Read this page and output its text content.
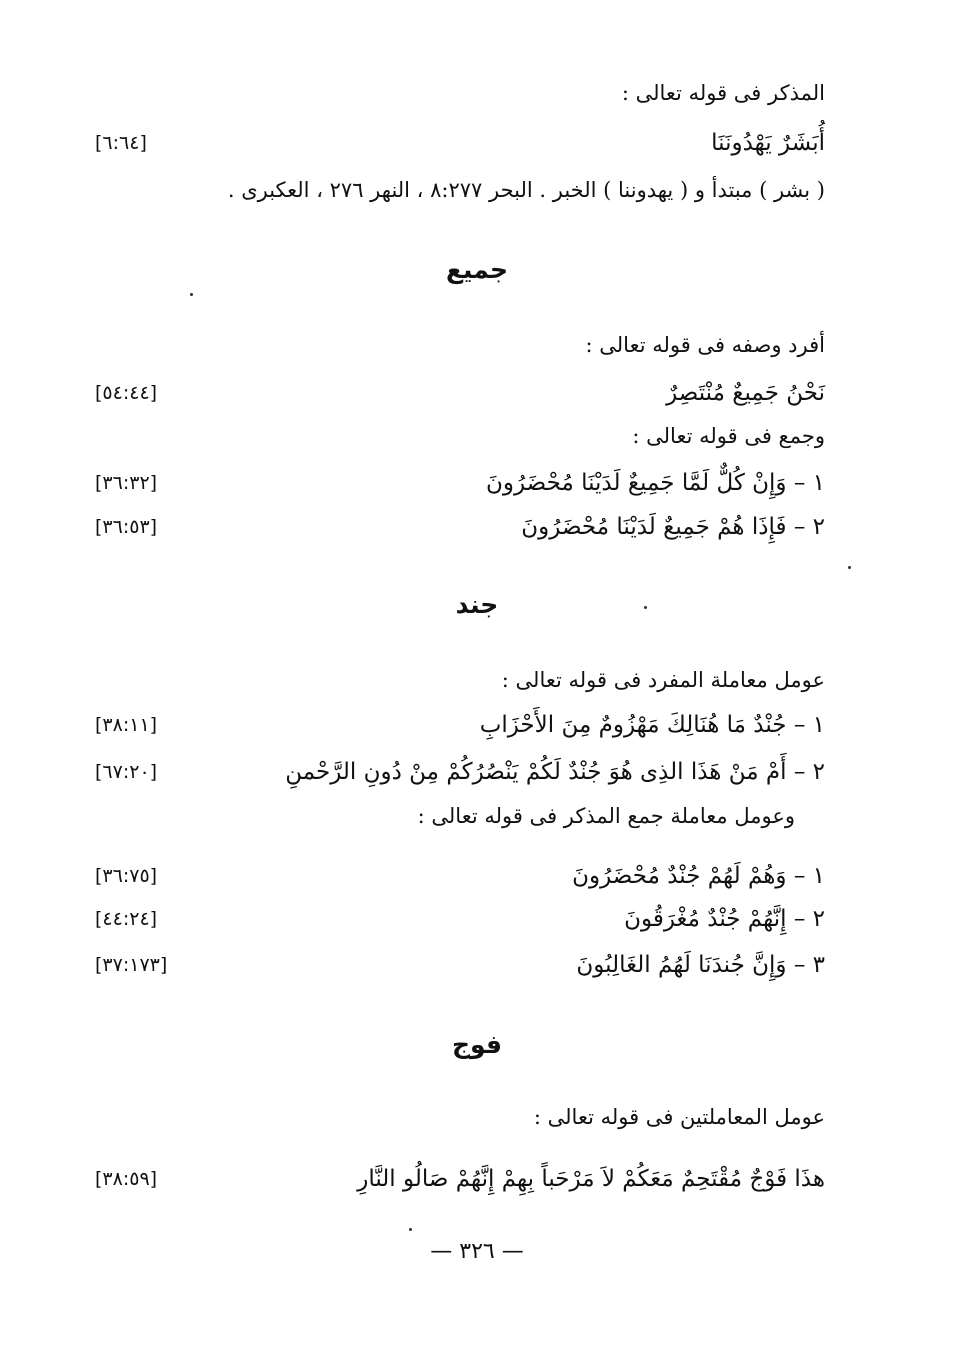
المذكر فى قوله تعالى :
أُبَشَرٌ يَهْدُونَنَا
[٦:٦٤]
( بشر ) مبتدأ و ( يهدوننا ) الخبر . البحر ٨:٢٧٧ ، النهر ٢٧٦ ، العكبرى .
جميع
أفرد وصفه فى قوله تعالى :
نَحْنُ جَمِيعٌ مُنْتَصِرٌ
[٥٤:٤٤]
وجمع فى قوله تعالى :
١ – وَإِنْ كُلٌّ لَمَّا جَمِيعٌ لَدَيْنَا مُحْضَرُونَ
[٣٦:٣٢]
٢ – فَإِذَا هُمْ جَمِيعٌ لَدَيْنَا مُحْضَرُونَ
[٣٦:٥٣]
جند
عومل معاملة المفرد فى قوله تعالى :
١ – جُنْدٌ مَا هُنَالِكَ مَهْزُومٌ مِنَ الأَحْزَابِ
[٣٨:١١]
٢ – أَمْ مَنْ هَذَا الذِى هُوَ جُنْدٌ لَكُمْ يَنْصُرُكُمْ مِنْ دُونِ الرَّحْمنِ
[٦٧:٢٠]
وعومل معاملة جمع المذكر فى قوله تعالى :
١ – وَهُمْ لَهُمْ جُنْدٌ مُحْضَرُونَ
[٣٦:٧٥]
٢ – إِنَّهُمْ جُنْدٌ مُغْرَقُونَ
[٤٤:٢٤]
٣ – وَإِنَّ جُندَنَا لَهُمُ الغَالِبُونَ
[٣٧:١٧٣]
فوج
عومل المعاملتين فى قوله تعالى :
هذَا فَوْجٌ مُقْتَحِمٌ مَعَكُمْ لاَ مَرْحَباً بِهِمْ إِنَّهُمْ صَالُو النَّارِ
[٣٨:٥٩]
— ٣٢٦ —
